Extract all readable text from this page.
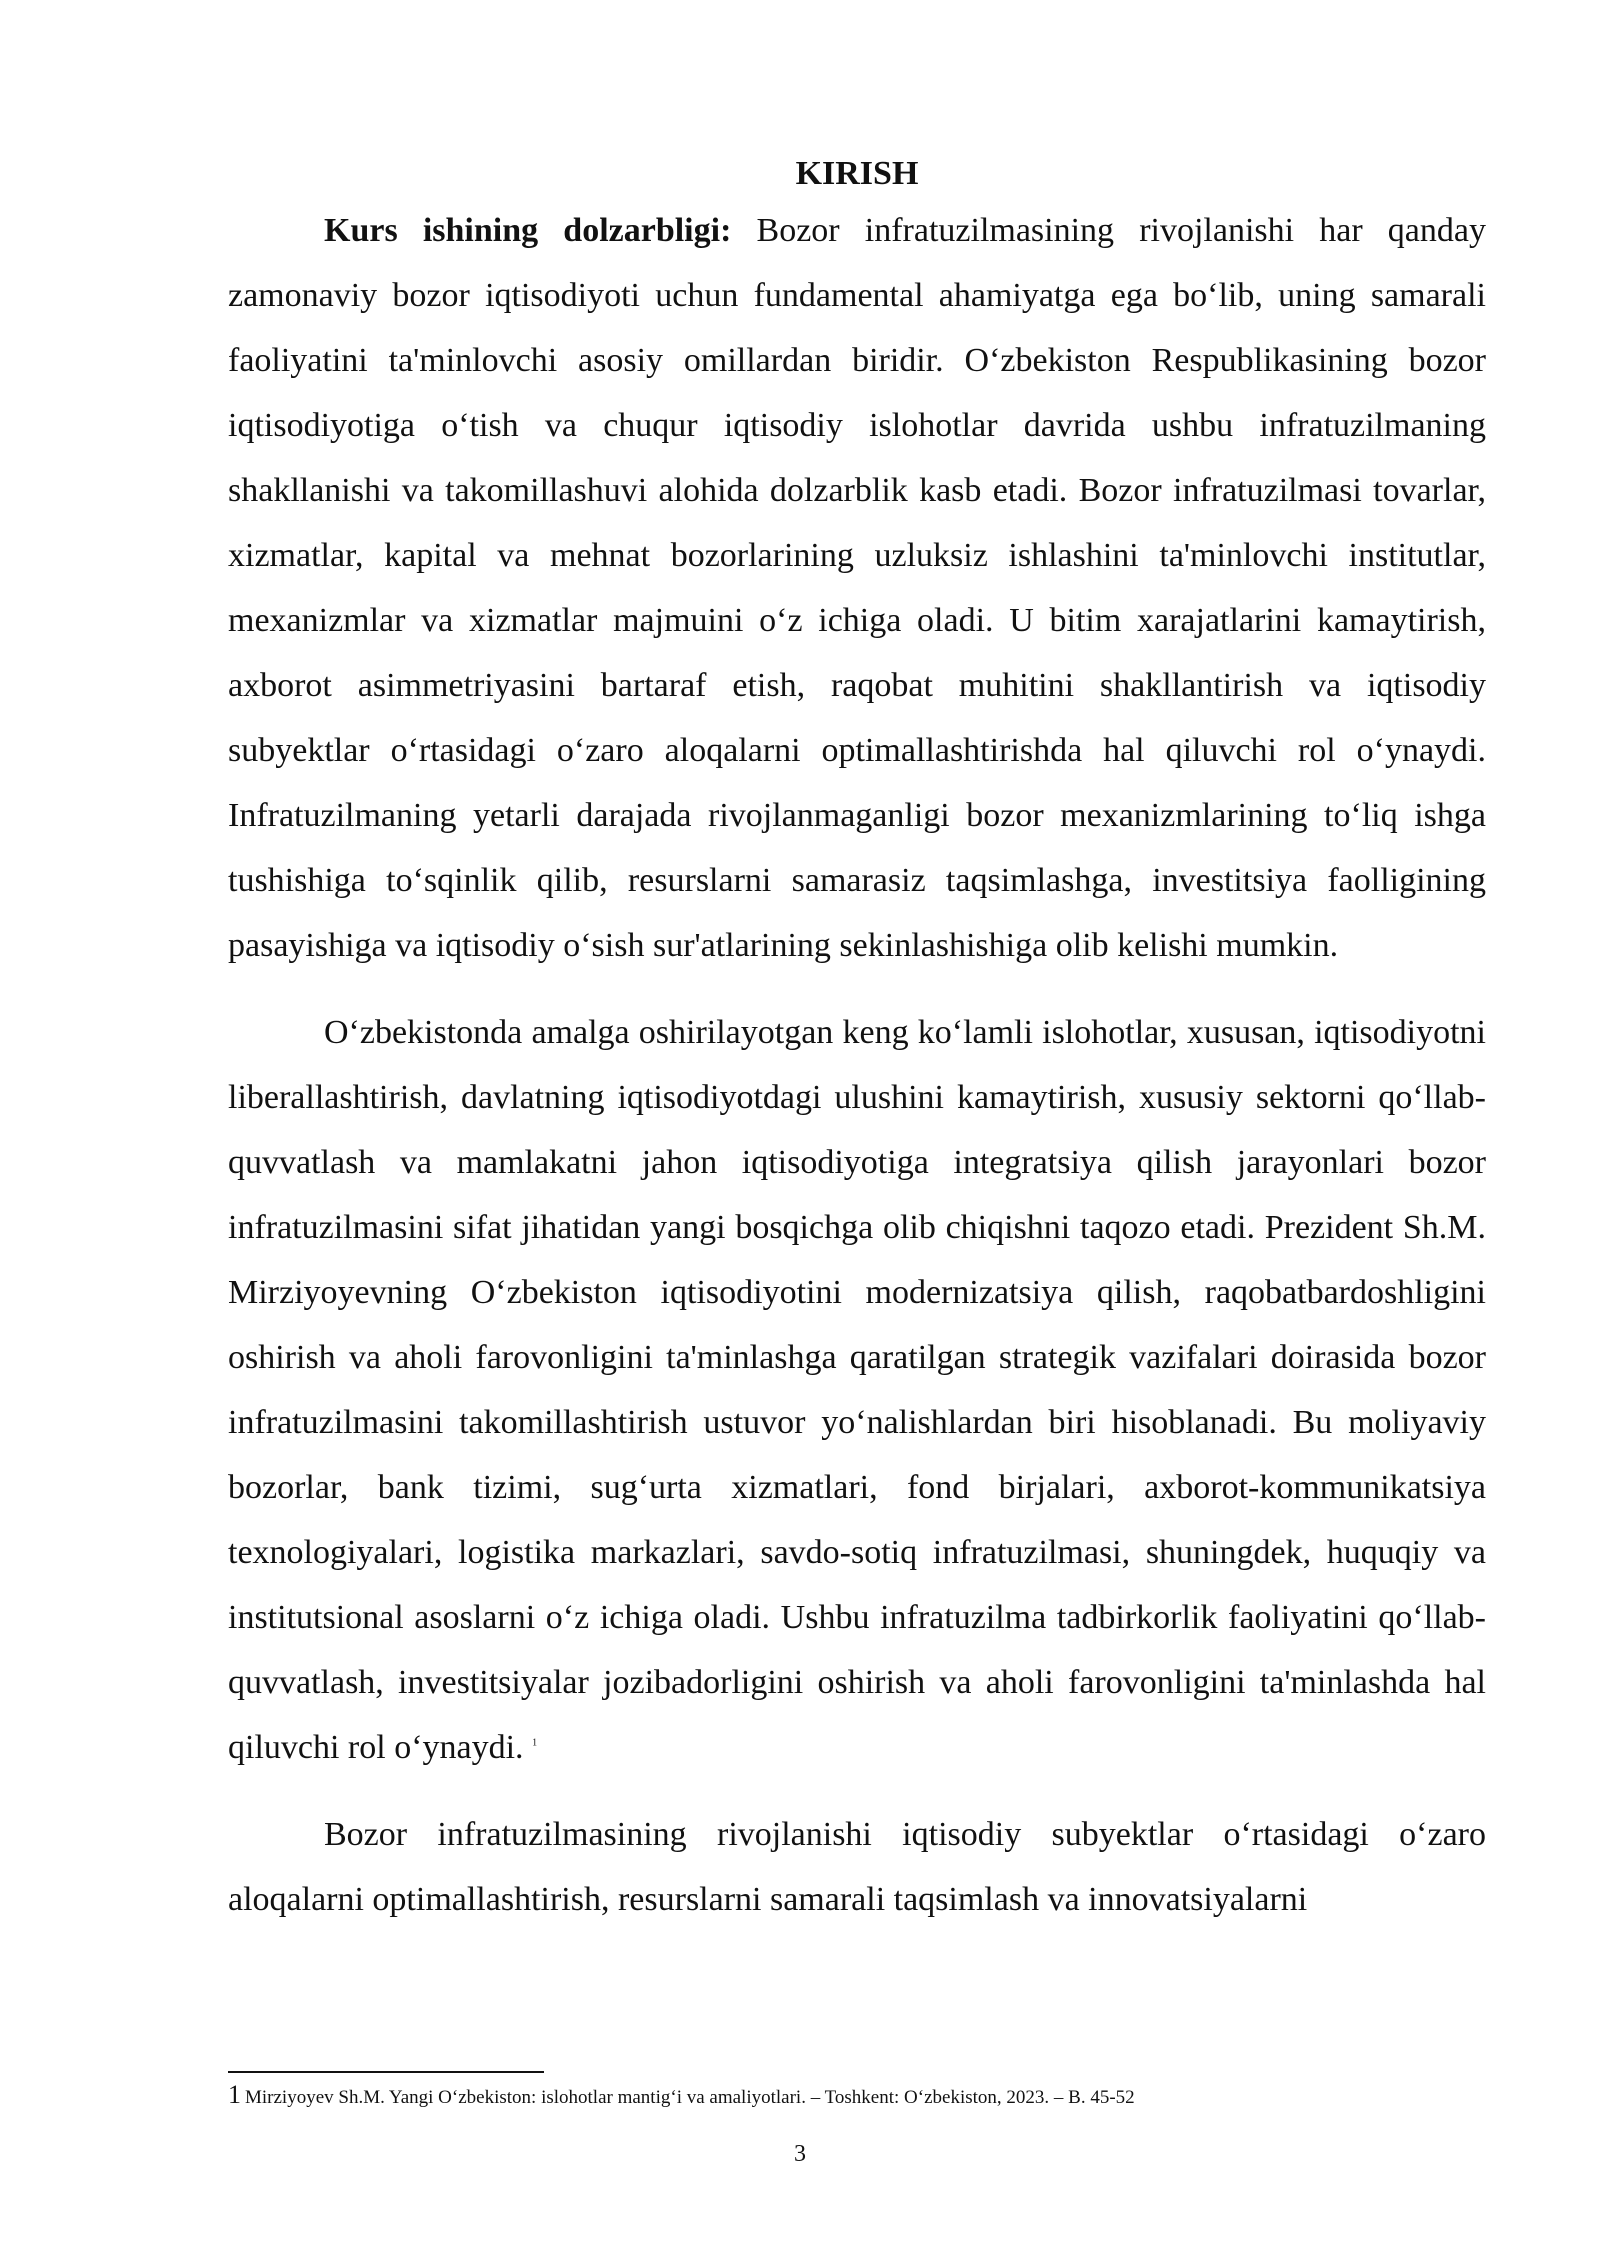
KIRISH

Kurs ishining dolzarbligi: Bozor infratuzilmasining rivojlanishi har qanday zamonaviy bozor iqtisodiyoti uchun fundamental ahamiyatga ega bo‘lib, uning samarali faoliyatini ta'minlovchi asosiy omillardan biridir. O‘zbekiston Respublikasining bozor iqtisodiyotiga o‘tish va chuqur iqtisodiy islohotlar davrida ushbu infratuzilmaning shakllanishi va takomillashuvi alohida dolzarblik kasb etadi. Bozor infratuzilmasi tovarlar, xizmatlar, kapital va mehnat bozorlarining uzluksiz ishlashini ta'minlovchi institutlar, mexanizmlar va xizmatlar majmuini o‘z ichiga oladi. U bitim xarajatlarini kamaytirish, axborot asimmetriyasini bartaraf etish, raqobat muhitini shakllantirish va iqtisodiy subyektlar o‘rtasidagi o‘zaro aloqalarni optimallashtirishda hal qiluvchi rol o‘ynaydi. Infratuzilmaning yetarli darajada rivojlanmaganligi bozor mexanizmlarining to‘liq ishga tushishiga to‘sqinlik qilib, resurslarni samarasiz taqsimlashga, investitsiya faolligining pasayishiga va iqtisodiy o‘sish sur'atlarining sekinlashishiga olib kelishi mumkin.

O‘zbekistonda amalga oshirilayotgan keng ko‘lamli islohotlar, xususan, iqtisodiyotni liberallashtirish, davlatning iqtisodiyotdagi ulushini kamaytirish, xususiy sektorni qo‘llab-quvvatlash va mamlakatni jahon iqtisodiyotiga integratsiya qilish jarayonlari bozor infratuzilmasini sifat jihatidan yangi bosqichga olib chiqishni taqozo etadi. Prezident Sh.M. Mirziyoyevning O‘zbekiston iqtisodiyotini modernizatsiya qilish, raqobatbardoshligini oshirish va aholi farovonligini ta'minlashga qaratilgan strategik vazifalari doirasida bozor infratuzilmasini takomillashtirish ustuvor yo‘nalishlardan biri hisoblanadi. Bu moliyaviy bozorlar, bank tizimi, sug‘urta xizmatlari, fond birjalari, axborot-kommunikatsiya texnologiyalari, logistika markazlari, savdo-sotiq infratuzilmasi, shuningdek, huquqiy va institutsional asoslarni o‘z ichiga oladi. Ushbu infratuzilma tadbirkorlik faoliyatini qo‘llab-quvvatlash, investitsiyalar jozibadorligini oshirish va aholi farovonligini ta'minlashda hal qiluvchi rol o‘ynaydi. $^1$

Bozor infratuzilmasining rivojlanishi iqtisodiy subyektlar o‘rtasidagi o‘zaro aloqalarni optimallashtirish, resurslarni samarali taqsimlash va innovatsiyalarni

1 Mirziyoyev Sh.M. Yangi O‘zbekiston: islohotlar mantig‘i va amaliyotlari. – Toshkent: O‘zbekiston, 2023. – B. 45-52
3
